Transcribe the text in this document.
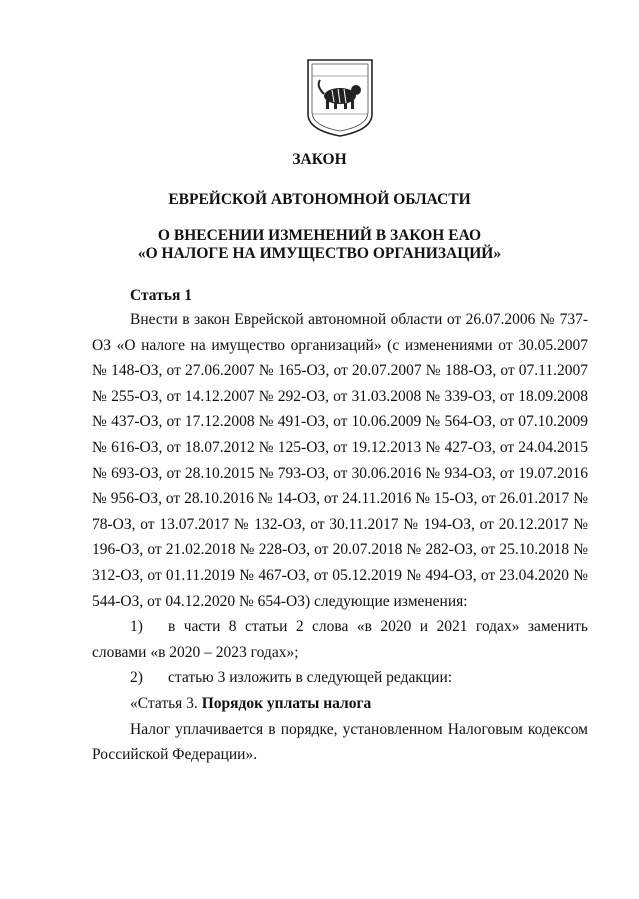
ЗАКОН
ЕВРЕЙСКОЙ АВТОНОМНОЙ ОБЛАСТИ
О ВНЕСЕНИИ ИЗМЕНЕНИЙ В ЗАКОН ЕАО
«О НАЛОГЕ НА ИМУЩЕСТВО ОРГАНИЗАЦИЙ»
Статья 1

Внести в закон Еврейской автономной области от 26.07.2006 № 737-ОЗ «О налоге на имущество организаций» (с изменениями от 30.05.2007 № 148-ОЗ, от 27.06.2007 № 165-ОЗ, от 20.07.2007 № 188-ОЗ, от 07.11.2007 № 255-ОЗ, от 14.12.2007 № 292-ОЗ, от 31.03.2008 № 339-ОЗ, от 18.09.2008 № 437-ОЗ, от 17.12.2008 № 491-ОЗ, от 10.06.2009 № 564-ОЗ, от 07.10.2009 № 616-ОЗ, от 18.07.2012 № 125-ОЗ, от 19.12.2013 № 427-ОЗ, от 24.04.2015 № 693-ОЗ, от 28.10.2015 № 793-ОЗ, от 30.06.2016 № 934-ОЗ, от 19.07.2016 № 956-ОЗ, от 28.10.2016 № 14-ОЗ, от 24.11.2016 № 15-ОЗ, от 26.01.2017 № 78-ОЗ, от 13.07.2017 № 132-ОЗ, от 30.11.2017 № 194-ОЗ, от 20.12.2017 № 196-ОЗ, от 21.02.2018 № 228-ОЗ, от 20.07.2018 № 282-ОЗ, от 25.10.2018 № 312-ОЗ, от 01.11.2019 № 467-ОЗ, от 05.12.2019 № 494-ОЗ, от 23.04.2020 № 544-ОЗ, от 04.12.2020 № 654-ОЗ) следующие изменения:

1) в части 8 статьи 2 слова «в 2020 и 2021 годах» заменить словами «в 2020 – 2023 годах»;

2) статью 3 изложить в следующей редакции:

«Статья 3. Порядок уплаты налога

Налог уплачивается в порядке, установленном Налоговым кодексом Российской Федерации».
